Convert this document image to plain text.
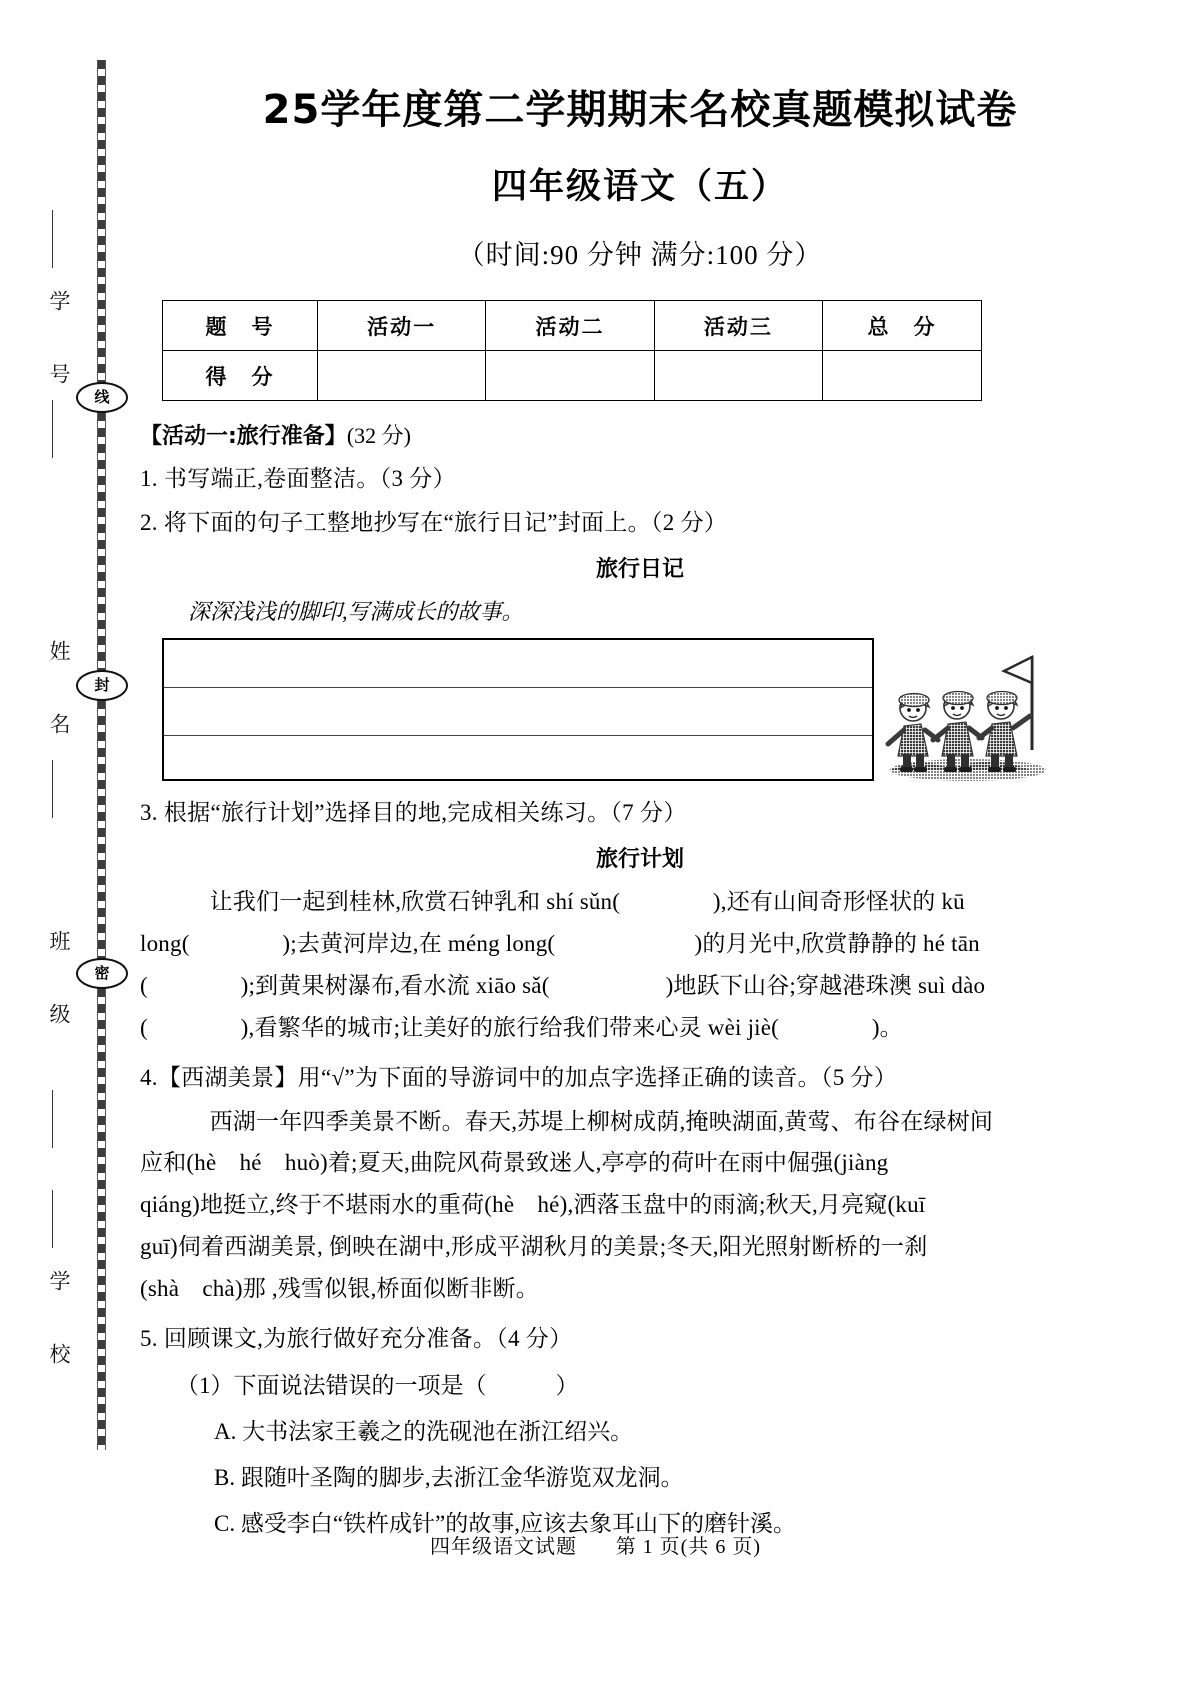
线
封
密
学 号
姓 名
班 级
学 校
25学年度第二学期期末名校真题模拟试卷
四年级语文（五）

（时间:90 分钟 满分:100 分）

题　号	活动一	活动二	活动三	总　分
得　分				

【活动一:旅行准备】(32 分)

1. 书写端正,卷面整洁。（3 分）

2. 将下面的句子工整地抄写在“旅行日记”封面上。（2 分）

旅行日记

深深浅浅的脚印,写满成长的故事。

3. 根据“旅行计划”选择目的地,完成相关练习。（7 分）

旅行计划

　　　让我们一起到桂林,欣赏石钟乳和 shí sǔn(　　　　),还有山间奇形怪状的 kū
long(　　　　);去黄河岸边,在 méng long(　　　　　　)的月光中,欣赏静静的 hé tān
(　　　　);到黄果树瀑布,看水流 xiāo sǎ(　　　　　)地跃下山谷;穿越港珠澳 suì dào
(　　　　),看繁华的城市;让美好的旅行给我们带来心灵 wèi jiè(　　　　)。

4.【西湖美景】用“√”为下面的导游词中的加点字选择正确的读音。（5 分）

　　　西湖一年四季美景不断。春天,苏堤上柳树成荫,掩映湖面,黄莺、布谷在绿树间
应和(hè　hé　huò)着;夏天,曲院风荷景致迷人,亭亭的荷叶在雨中倔强(jiàng
qiáng)地挺立,终于不堪雨水的重荷(hè　hé),洒落玉盘中的雨滴;秋天,月亮窥(kuī
guī)伺着西湖美景, 倒映在湖中,形成平湖秋月的美景;冬天,阳光照射断桥的一刹
(shà　chà)那 ,残雪似银,桥面似断非断。

5. 回顾课文,为旅行做好充分准备。（4 分）

（1）下面说法错误的一项是（　　　）

A. 大书法家王羲之的洗砚池在浙江绍兴。

B. 跟随叶圣陶的脚步,去浙江金华游览双龙洞。

C. 感受李白“铁杵成针”的故事,应该去象耳山下的磨针溪。

四年级语文试题 第 1 页(共 6 页)
